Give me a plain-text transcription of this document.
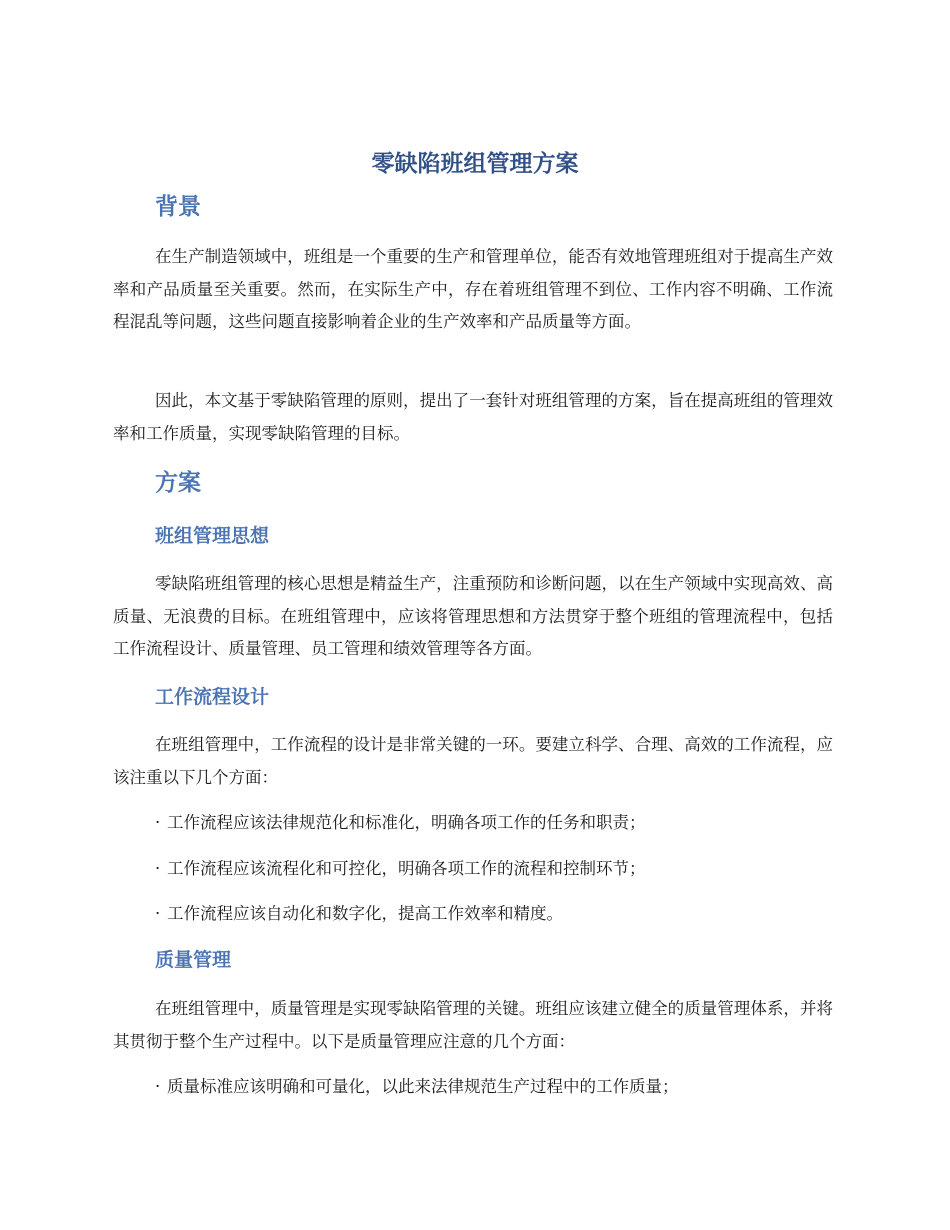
零缺陷班组管理方案
背景

在生产制造领域中，班组是一个重要的生产和管理单位，能否有效地管理班组对于提高生产效率和产品质量至关重要。然而，在实际生产中，存在着班组管理不到位、工作内容不明确、工作流程混乱等问题，这些问题直接影响着企业的生产效率和产品质量等方面。

因此，本文基于零缺陷管理的原则，提出了一套针对班组管理的方案，旨在提高班组的管理效率和工作质量，实现零缺陷管理的目标。

方案
班组管理思想

零缺陷班组管理的核心思想是精益生产，注重预防和诊断问题，以在生产领域中实现高效、高质量、无浪费的目标。在班组管理中，应该将管理思想和方法贯穿于整个班组的管理流程中，包括工作流程设计、质量管理、员工管理和绩效管理等各方面。

工作流程设计

在班组管理中，工作流程的设计是非常关键的一环。要建立科学、合理、高效的工作流程，应该注重以下几个方面：

· 工作流程应该法律规范化和标准化，明确各项工作的任务和职责；

· 工作流程应该流程化和可控化，明确各项工作的流程和控制环节；

· 工作流程应该自动化和数字化，提高工作效率和精度。

质量管理

在班组管理中，质量管理是实现零缺陷管理的关键。班组应该建立健全的质量管理体系，并将其贯彻于整个生产过程中。以下是质量管理应注意的几个方面：

· 质量标准应该明确和可量化，以此来法律规范生产过程中的工作质量；
